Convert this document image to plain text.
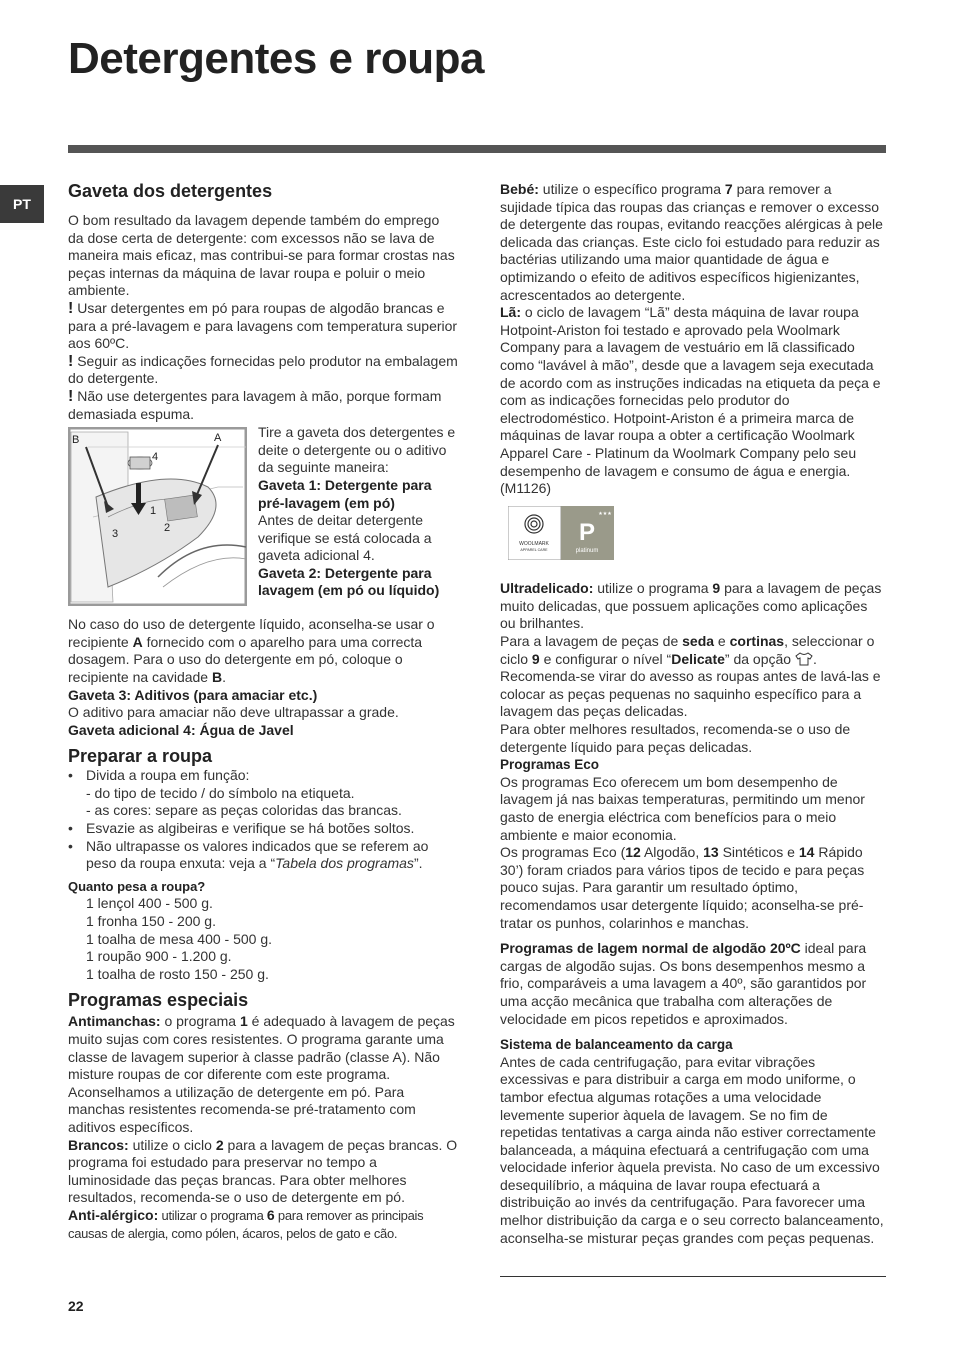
Detergentes e roupa
PT
Gaveta dos detergentes

O bom resultado da lavagem depende também do emprego da dose certa de detergente: com excessos não se lava de maneira mais eficaz, mas contribui-se para formar crostas nas peças internas da máquina de lavar roupa e poluir o meio ambiente.

! Usar detergentes em pó para roupas de algodão brancas e para a pré-lavagem e para lavagens com temperatura superior aos 60ºC.

! Seguir as indicações fornecidas pelo produtor na embalagem do detergente.

! Não use detergentes para lavagem à mão, porque formam demasiada espuma.

B	A
4
1
2
3

Tire a gaveta dos detergentes e deite o detergente ou o aditivo da seguinte maneira:

Gaveta 1: Detergente para pré-lavagem (em pó)

Antes de deitar detergente verifique se está colocada a gaveta adicional 4.

Gaveta 2: Detergente para lavagem (em pó ou líquido)

No caso do uso de detergente líquido, aconselha-se usar o recipiente A fornecido com o aparelho para uma correcta dosagem. Para o uso do detergente em pó, coloque o recipiente na cavidade B.

Gaveta 3: Aditivos (para amaciar etc.)

O aditivo para amaciar não deve ultrapassar a grade.

Gaveta adicional 4: Água de Javel

Preparar a roupa
• Divida a roupa em função:
- do tipo de tecido / do símbolo na etiqueta.
- as cores: separe as peças coloridas das brancas.
• Esvazie as algibeiras e verifique se há botões soltos.
• Não ultrapasse os valores indicados que se referem ao peso da roupa enxuta: veja a “Tabela dos programas”.
Quanto pesa a roupa?
1 lençol 400 - 500 g.
1 fronha 150 - 200 g.
1 toalha de mesa 400 - 500 g.
1 roupão 900 - 1.200 g.
1 toalha de rosto 150 - 250 g.
Programas especiais

Antimanchas: o programa 1 é adequado à lavagem de peças muito sujas com cores resistentes. O programa garante uma classe de lavagem superior à classe padrão (classe A). Não misture roupas de cor diferente com este programa. Aconselhamos a utilização de detergente em pó. Para manchas resistentes recomenda-se pré-tratamento com aditivos específicos.

Brancos: utilize o ciclo 2 para a lavagem de peças brancas. O programa foi estudado para preservar no tempo a luminosidade das peças brancas. Para obter melhores resultados, recomenda-se o uso de detergente em pó.

Anti-alérgico: utilizar o programa 6 para remover as principais causas de alergia, como pólen, ácaros, pelos de gato e cão.

Bebé: utilize o específico programa 7 para remover a sujidade típica das roupas das crianças e remover o excesso de detergente das roupas, evitando reacções alérgicas à pele delicada das crianças. Este ciclo foi estudado para reduzir as bactérias utilizando uma maior quantidade de água e optimizando o efeito de aditivos específicos higienizantes, acrescentados ao detergente.

Lã: o ciclo de lavagem “Lã” desta máquina de lavar roupa Hotpoint-Ariston foi testado e aprovado pela Woolmark Company para a lavagem de vestuário em lã classificado como “lavável à mão”, desde que a lavagem seja executada de acordo com as instruções indicadas na etiqueta da peça e com as indicações fornecidas pelo produtor do electrodoméstico. Hotpoint-Ariston é a primeira marca de máquinas de lavar roupa a obter a certificação Woolmark Apparel Care - Platinum da Woolmark Company pelo seu desempenho de lavagem e consumo de água e energia. (M1126)

WOOLMARK
APPAREL CARE
★★★
P
platinum

Ultradelicado: utilize o programa 9 para a lavagem de peças muito delicadas, que possuem aplicações como aplicações ou brilhantes.

Para a lavagem de peças de seda e cortinas, seleccionar o ciclo 9 e configurar o nível “Delicate” da opção . Recomenda-se virar do avesso as roupas antes de lavá-las e colocar as peças pequenas no saquinho específico para a lavagem das peças delicadas.

Para obter melhores resultados, recomenda-se o uso de detergente líquido para peças delicadas.

Programas Eco

Os programas Eco oferecem um bom desempenho de lavagem já nas baixas temperaturas, permitindo um menor gasto de energia eléctrica com benefícios para o meio ambiente e maior economia.

Os programas Eco (12 Algodão, 13 Sintéticos e 14 Rápido 30’) foram criados para vários tipos de tecido e para peças pouco sujas. Para garantir um resultado óptimo, recomendamos usar detergente líquido; aconselha-se pré-tratar os punhos, colarinhos e manchas.

Programas de lagem normal de algodão 20ºC ideal para cargas de algodão sujas. Os bons desempenhos mesmo a frio, comparáveis a uma lavagem a 40º, são garantidos por uma acção mecânica que trabalha com alterações de velocidade em picos repetidos e aproximados.

Sistema de balanceamento da carga

Antes de cada centrifugação, para evitar vibrações excessivas e para distribuir a carga em modo uniforme, o tambor efectua algumas rotações a uma velocidade levemente superior àquela de lavagem. Se no fim de repetidas tentativas a carga ainda não estiver correctamente balanceada, a máquina efectuará a centrifugação com uma velocidade inferior àquela prevista. No caso de um excessivo desequilíbrio, a máquina de lavar roupa efectuará a distribuição ao invés da centrifugação. Para favorecer uma melhor distribuição da carga e o seu correcto balanceamento, aconselha-se misturar peças grandes com peças pequenas.

22
